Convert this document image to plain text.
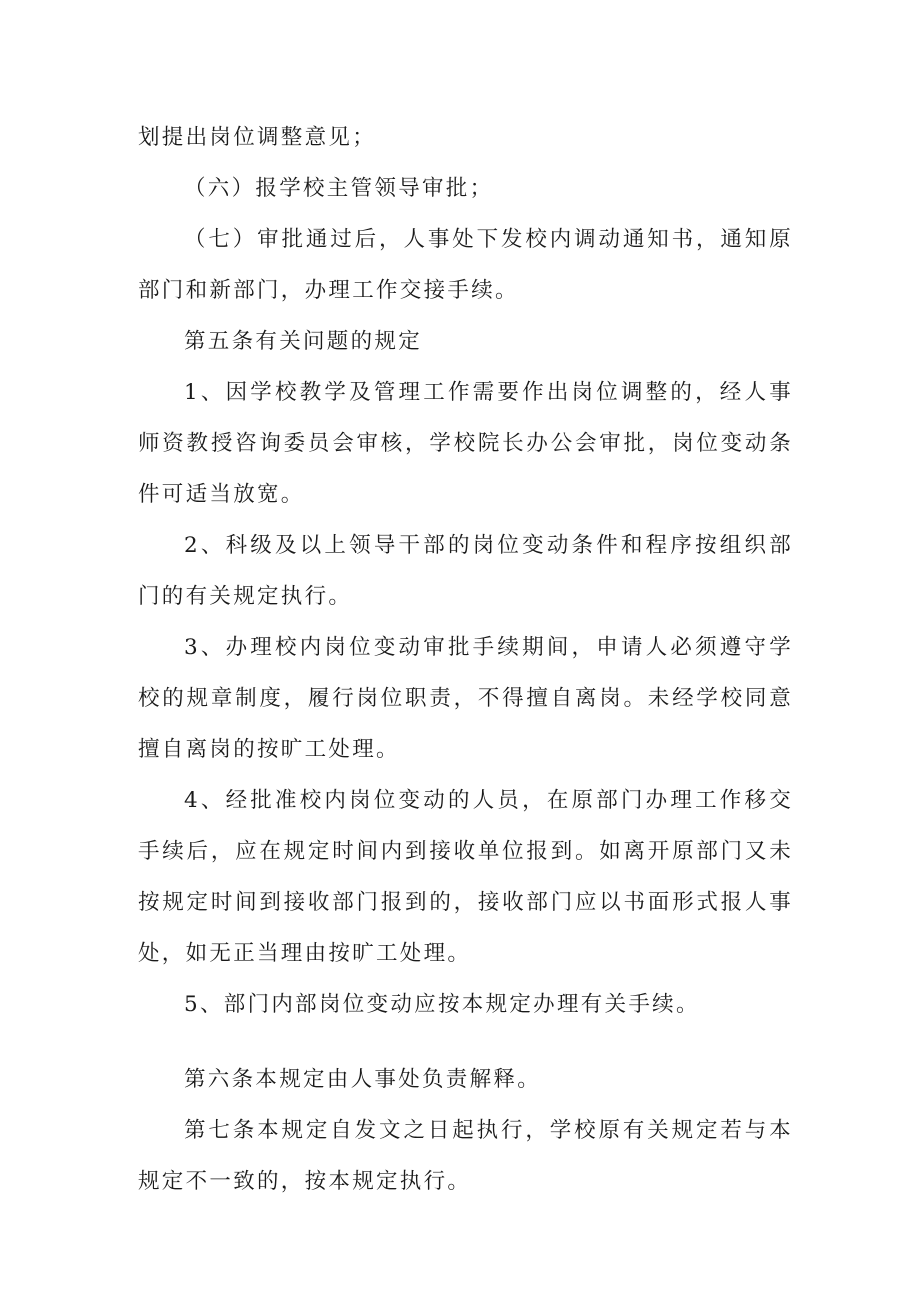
划提出岗位调整意见；

（六）报学校主管领导审批；

（七）审批通过后，人事处下发校内调动通知书，通知原部门和新部门，办理工作交接手续。

第五条有关问题的规定

1、因学校教学及管理工作需要作出岗位调整的，经人事师资教授咨询委员会审核，学校院长办公会审批，岗位变动条件可适当放宽。

2、科级及以上领导干部的岗位变动条件和程序按组织部门的有关规定执行。

3、办理校内岗位变动审批手续期间，申请人必须遵守学校的规章制度，履行岗位职责，不得擅自离岗。未经学校同意擅自离岗的按旷工处理。

4、经批准校内岗位变动的人员，在原部门办理工作移交手续后，应在规定时间内到接收单位报到。如离开原部门又未按规定时间到接收部门报到的，接收部门应以书面形式报人事处，如无正当理由按旷工处理。

5、部门内部岗位变动应按本规定办理有关手续。

第六条本规定由人事处负责解释。

第七条本规定自发文之日起执行，学校原有关规定若与本规定不一致的，按本规定执行。
